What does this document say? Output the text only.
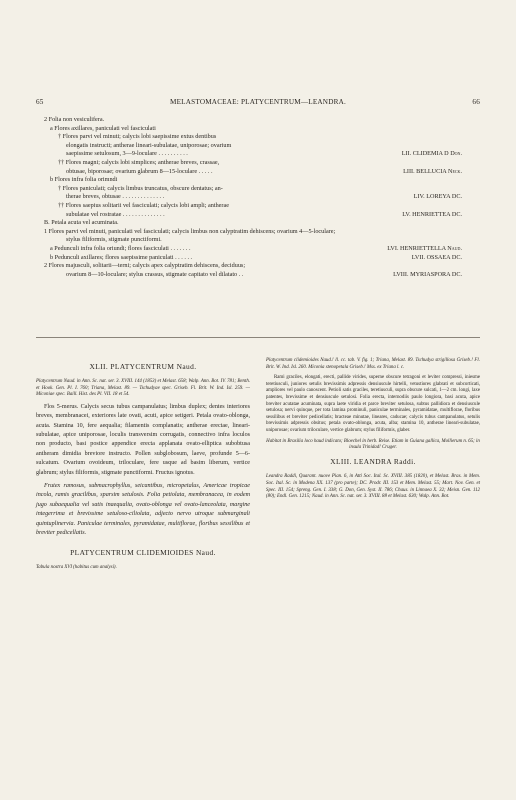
65	MELASTOMACEAE: PLATYCENTRUM—LEANDRA.	66
2 Folia non vesiculifera.
a Flores axillares, paniculati vel fasciculati
† Flores parvi vel minuti; calycis lobi saepissime extus dentibus
elongatis instructi; antherae lineari-subulatae, uniporosae; ovarium
saepissime setulosum, 3—9-loculare . . . . . . . . . .	LII. CLIDEMIA D Don.
†† Flores magni; calycis lobi simplices; antherae breves, crassae,
obtusae, biporosae; ovarium glabrum 8—15-loculare . . . . .	LIII. BELLUCIA Neck.
b Flores infra folia orimndi
† Flores paniculati; calycis limbus truncatus, obscure dentatus; an-
therae breves, obtusae . . . . . . . . . . . . . .	LIV. LOREYA DC.
†† Flores saepius solitarii vel fasciculati; calycis lobi ampli; antherae
subulatae vel rostratae . . . . . . . . . . . . . .	LV. HENRIETTEA DC.
B. Petala acuta vel acuminata.
1 Flores parvi vel minuti, paniculati vel fasciculati; calycis limbus non calyptratim dehiscens; ovarium 4—5-loculare;
stylus filiformis, stigmate punctiformi.
a Pedunculi infra folia oriundi; flores fasciculati . . . . . . .	LVI. HENRIETTELLA Naud.
b Pedunculi axillares; flores saepissime paniculati . . . . . .	LVII. OSSAEA DC.
2 Flores majusculi, solitarii—terni; calycis apex calyptratim dehiscens, deciduus;
ovarium 8—10-loculare; stylus crassus, stigmate capitato vel dilatato . .	LVIII. MYRIASPORA DC.
XLII. PLATYCENTRUM Naud.

Platycentrum Naud. in Ann. Sc. nat. ser. 3. XVIII. 144 (1853) et Melast. 658; Walp. Ann. Bot. IV. 781; Benth. et Hook. Gen. Pl. I. 760; Triana, Melast. 89. — Tschudyae spec. Griseb. Fl. Brit. W. Ind. Isl. 259. — Miconiae spec. Baill. Hist. des Pl. VII. 18 et 54.

Flos 5-merus. Calycis secus tubus campanulatus; limbus duplex; dentes interiores breves, membranacei, exteriores late ovati, acuti, apice setigeri. Petala ovato-oblonga, acuta. Stamina 10, fere aequalia; filamentis complanatis; antherae erectae, lineari-subulatae, apice uniporosae, loculis transversim corrugatis, connectivo infra loculos non producto, basi postice appendice erecta applanata ovato-elliptica subobtusa antheram dimidia breviore instructo. Pollen subglobosum, laeve, profunde 5—6-sulcatum. Ovarium ovoideum, triloculare, fere usque ad basim liberum, vertice glabrum; stylus filiformis, stigmate punctiformi. Fructus ignotus.

Frutex ramosus, submacrophyllus, seicantibus, micropetalus, Americae tropicae incola, ramis gracilibus, sparsim setulosis. Folia petiolata, membranacea, in eodem jugo subaequalia vel satis inaequalia, ovato-oblonga vel ovato-lanceolata, margine integerrima et brevissime setuloso-ciliolata, adjecto nervo utroque submarginali quintuplinervia. Paniculae terminales, pyramidatae, multiflorae, floribus sessilibus et breviter pedicellatis.

PLATYCENTRUM CLIDEMIOIDES Naud.

Tabula nostra XVI (habitus cum analysi).

Platycentrum clidemioides Naud.! ll. cc. tab. V. fig. 1; Triana, Melast. 89. Tschudya strigillosa Griseb.! Fl. Brit. W. Ind. Isl. 260. Miconia stenopetala Griseb.! Mss. ex Triana l. c.

Rami graciles, elongati, erecti, pallide virides, superne obscure tetragoni et leviter compressi, iniesme teretiusculi, juniores setulis brevissimis adpressis densiuscule hirtelli, vetustiores glabrati et subcorticati, ampliores vel paulo canoscent. Petioli satis graciles, teretiusculi, supra obscure sulcati, 1—2 cm. longi, laxe patentes, brevissime et densiuscule setulosi. Folia erecta, internodiis paulo longiora, basi acuta, apice breviter acutatae acuminata, supra laete viridia et parce breviter setulosa, subtus pallidiora et densiuscule setulosa; nervi quinque, per tota lamina prominuli, paniculae terminales, pyramidatae, multiflorae, floribus sessilibus et breviter pedicellatis; bracteae minutae, lineares, caducae; calycis tubus campanulatus, setulis brevissimis adpressis obsitus; petala ovato-oblonga, acuta, alba; stamina 10, antherae lineari-subulatae, uniporosae; ovarium triloculare, vertice glabrum; stylus filiformis, glaber.

Habitat in Brasilia loco haud indicato; Bloechel in herb. Reise. Etiam in Guiana gallica, Mollierum n. 65; in insula Trinidad! Cruger.

XLIII. LEANDRA Raddi.

Leandra Raddi, Quarant. nuove Pian. 6, in Atti Soc. Ital. Sc. XVIII. 385 (1820), et Melast. Bras. in Mem. Soc. Ital. Sc. in Modena XX. 137 (pro parte); DC. Prodr. III. 153 et Mem. Melast. 55; Mart. Nov. Gen. et Spec. III. 154; Spreng. Gen. I. 338; G. Don, Gen. Syst. II. 786; Chaus. in Linnaea X. 32; Meisn. Gen. 112 (80); Endl. Gen. 1215; Naud. in Ann. Sc. nat. ser. 3. XVIII. 88 et Melast. 630; Walp. Ann. Bot.
